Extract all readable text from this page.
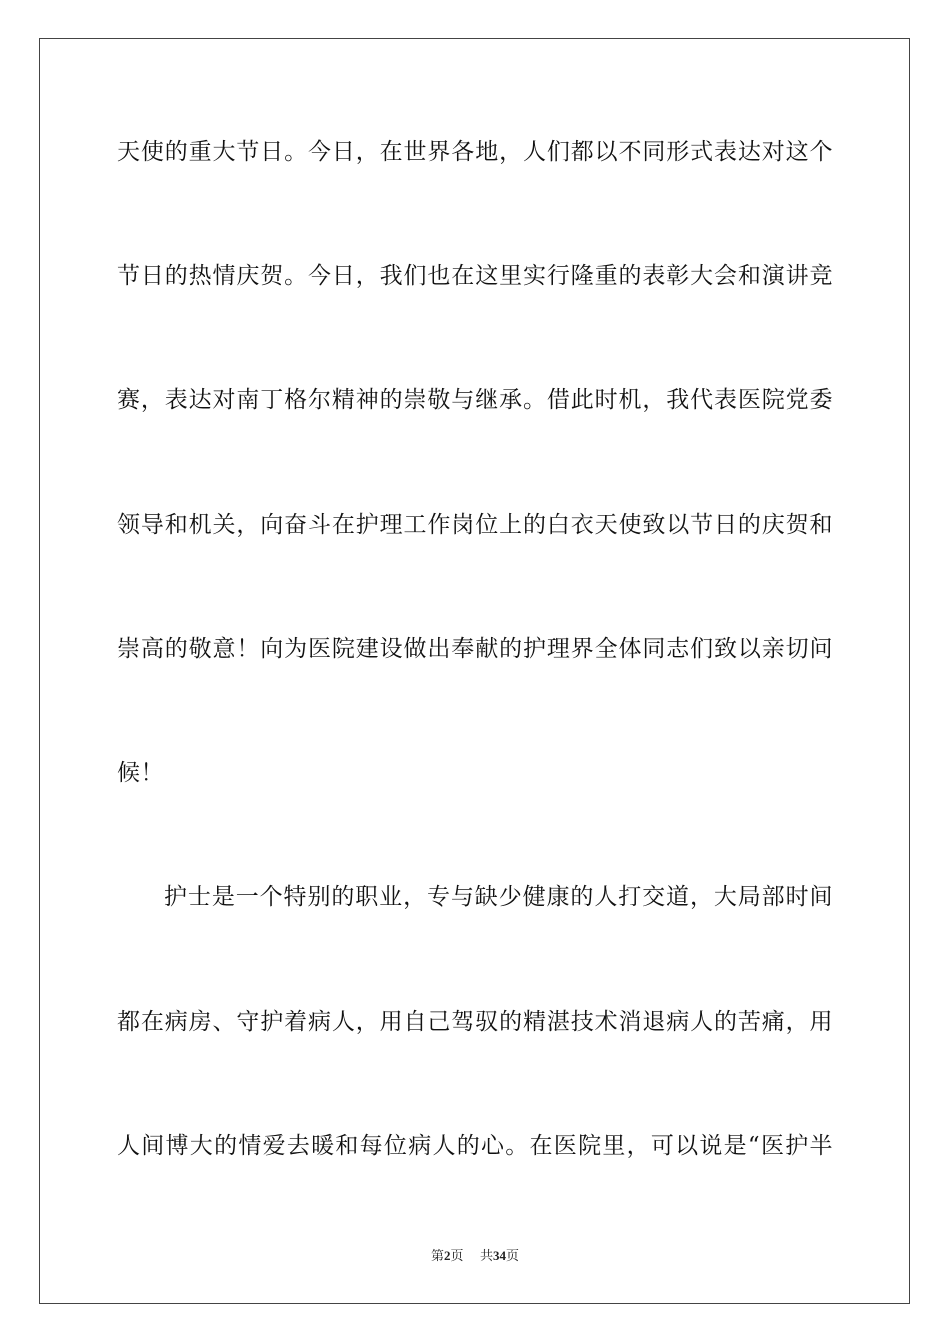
天使的重大节日。今日，在世界各地，人们都以不同形式表达对这个
节日的热情庆贺。今日，我们也在这里实行隆重的表彰大会和演讲竞
赛，表达对南丁格尔精神的崇敬与继承。借此时机，我代表医院党委
领导和机关，向奋斗在护理工作岗位上的白衣天使致以节日的庆贺和
崇高的敬意！向为医院建设做出奉献的护理界全体同志们致以亲切问
候！
护士是一个特别的职业，专与缺少健康的人打交道，大局部时间
都在病房、守护着病人，用自己驾驭的精湛技术消退病人的苦痛，用
人间博大的情爱去暖和每位病人的心。在医院里，可以说是“医护半
第2页 共34页
